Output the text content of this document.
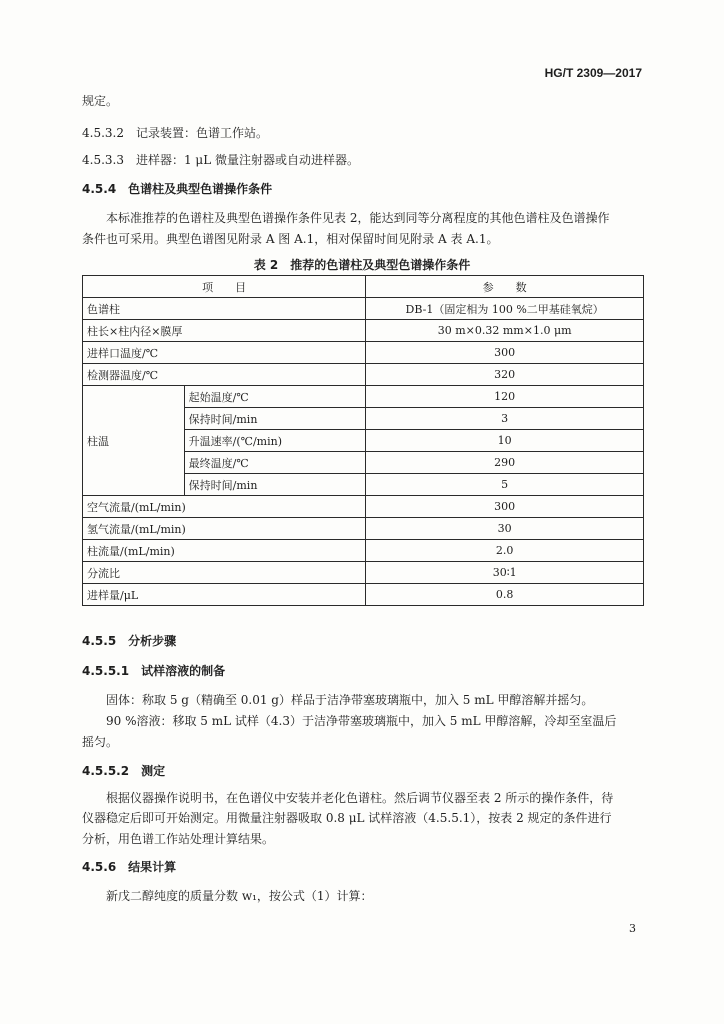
HG/T 2309—2017
规定。
4.5.3.2　记录装置：色谱工作站。
4.5.3.3　进样器：1 μL 微量注射器或自动进样器。
4.5.4　色谱柱及典型色谱操作条件
本标准推荐的色谱柱及典型色谱操作条件见表 2，能达到同等分离程度的其他色谱柱及色谱操作
条件也可采用。典型色谱图见附录 A 图 A.1，相对保留时间见附录 A 表 A.1。
表 2　推荐的色谱柱及典型色谱操作条件
项　　目		参　　数
色谱柱		DB-1（固定相为 100 %二甲基硅氧烷）
柱长×柱内径×膜厚		30 m×0.32 mm×1.0 μm
进样口温度/℃		300
检测器温度/℃		320
柱温	起始温度/℃	120
	保持时间/min	3
	升温速率/(℃/min)	10
	最终温度/℃	290
	保持时间/min	5
空气流量/(mL/min)		300
氢气流量/(mL/min)		30
柱流量/(mL/min)		2.0
分流比		30∶1
进样量/μL		0.8
4.5.5　分析步骤
4.5.5.1　试样溶液的制备
固体：称取 5 g（精确至 0.01 g）样品于洁净带塞玻璃瓶中，加入 5 mL 甲醇溶解并摇匀。
90 %溶液：移取 5 mL 试样（4.3）于洁净带塞玻璃瓶中，加入 5 mL 甲醇溶解，冷却至室温后
摇匀。
4.5.5.2　测定
根据仪器操作说明书，在色谱仪中安装并老化色谱柱。然后调节仪器至表 2 所示的操作条件，待
仪器稳定后即可开始测定。用微量注射器吸取 0.8 μL 试样溶液（4.5.5.1），按表 2 规定的条件进行
分析，用色谱工作站处理计算结果。
4.5.6　结果计算
新戊二醇纯度的质量分数 w₁，按公式（1）计算：
3
